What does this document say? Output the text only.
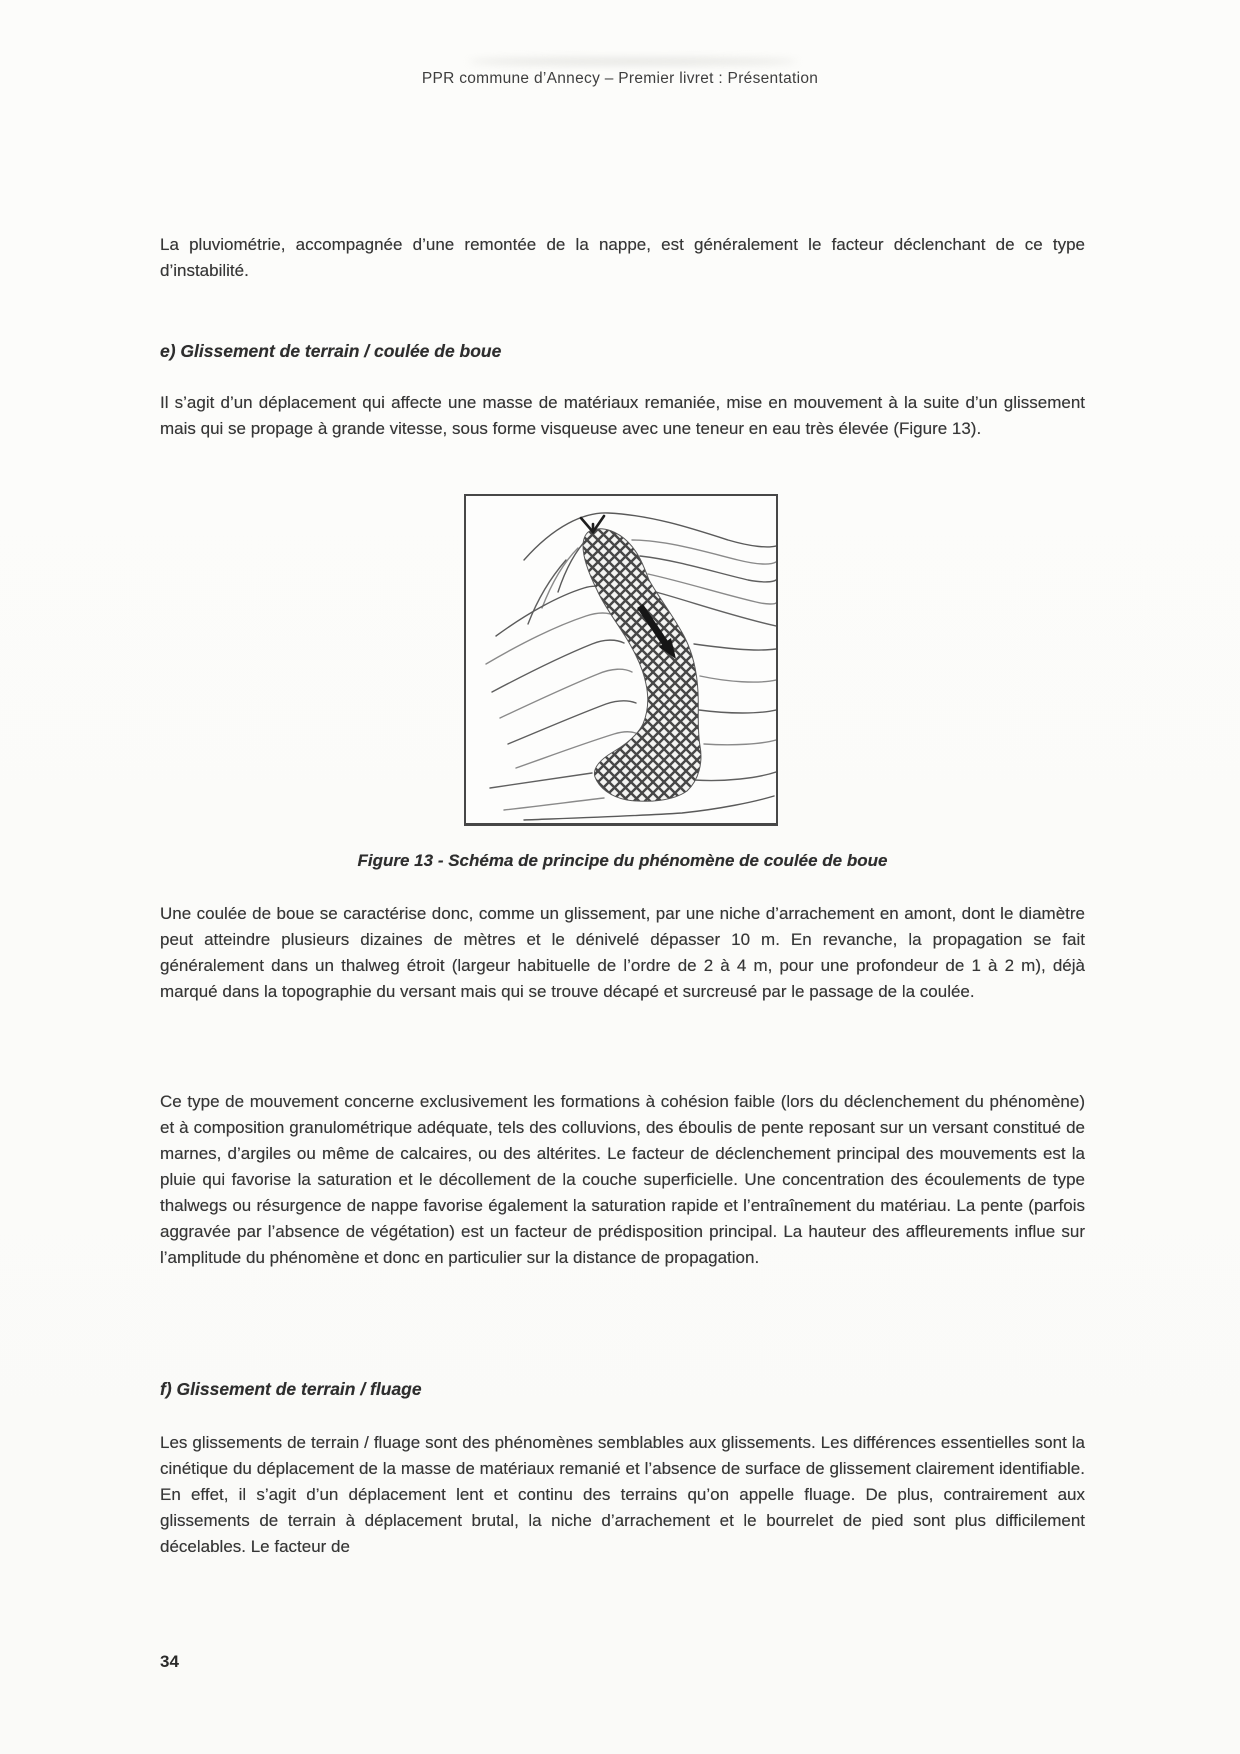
PPR commune d’Annecy – Premier livret : Présentation
La pluviométrie, accompagnée d’une remontée de la nappe, est généralement le facteur déclenchant de ce type d’instabilité.
e) Glissement de terrain / coulée de boue
Il s’agit d’un déplacement qui affecte une masse de matériaux remaniée, mise en mouvement à la suite d’un glissement mais qui se propage à grande vitesse, sous forme visqueuse avec une teneur en eau très élevée (Figure 13).
Figure 13 - Schéma de principe du phénomène de coulée de boue
Une coulée de boue se caractérise donc, comme un glissement, par une niche d’arrachement en amont, dont le diamètre peut atteindre plusieurs dizaines de mètres et le dénivelé dépasser 10 m. En revanche, la propagation se fait généralement dans un thalweg étroit (largeur habituelle de l’ordre de 2 à 4 m, pour une profondeur de 1 à 2 m), déjà marqué dans la topographie du versant mais qui se trouve décapé et surcreusé par le passage de la coulée.
Ce type de mouvement concerne exclusivement les formations à cohésion faible (lors du déclenchement du phénomène) et à composition granulométrique adéquate, tels des colluvions, des éboulis de pente reposant sur un versant constitué de marnes, d’argiles ou même de calcaires, ou des altérites. Le facteur de déclenchement principal des mouvements est la pluie qui favorise la saturation et le décollement de la couche superficielle. Une concentration des écoulements de type thalwegs ou résurgence de nappe favorise également la saturation rapide et l’entraînement du matériau. La pente (parfois aggravée par l’absence de végétation) est un facteur de prédisposition principal. La hauteur des affleurements influe sur l’amplitude du phénomène et donc en particulier sur la distance de propagation.
f) Glissement de terrain / fluage
Les glissements de terrain / fluage sont des phénomènes semblables aux glissements. Les différences essentielles sont la cinétique du déplacement de la masse de matériaux remanié et l’absence de surface de glissement clairement identifiable. En effet, il s’agit d’un déplacement lent et continu des terrains qu’on appelle fluage. De plus, contrairement aux glissements de terrain à déplacement brutal, la niche d’arrachement et le bourrelet de pied sont plus difficilement décelables. Le facteur de
34
